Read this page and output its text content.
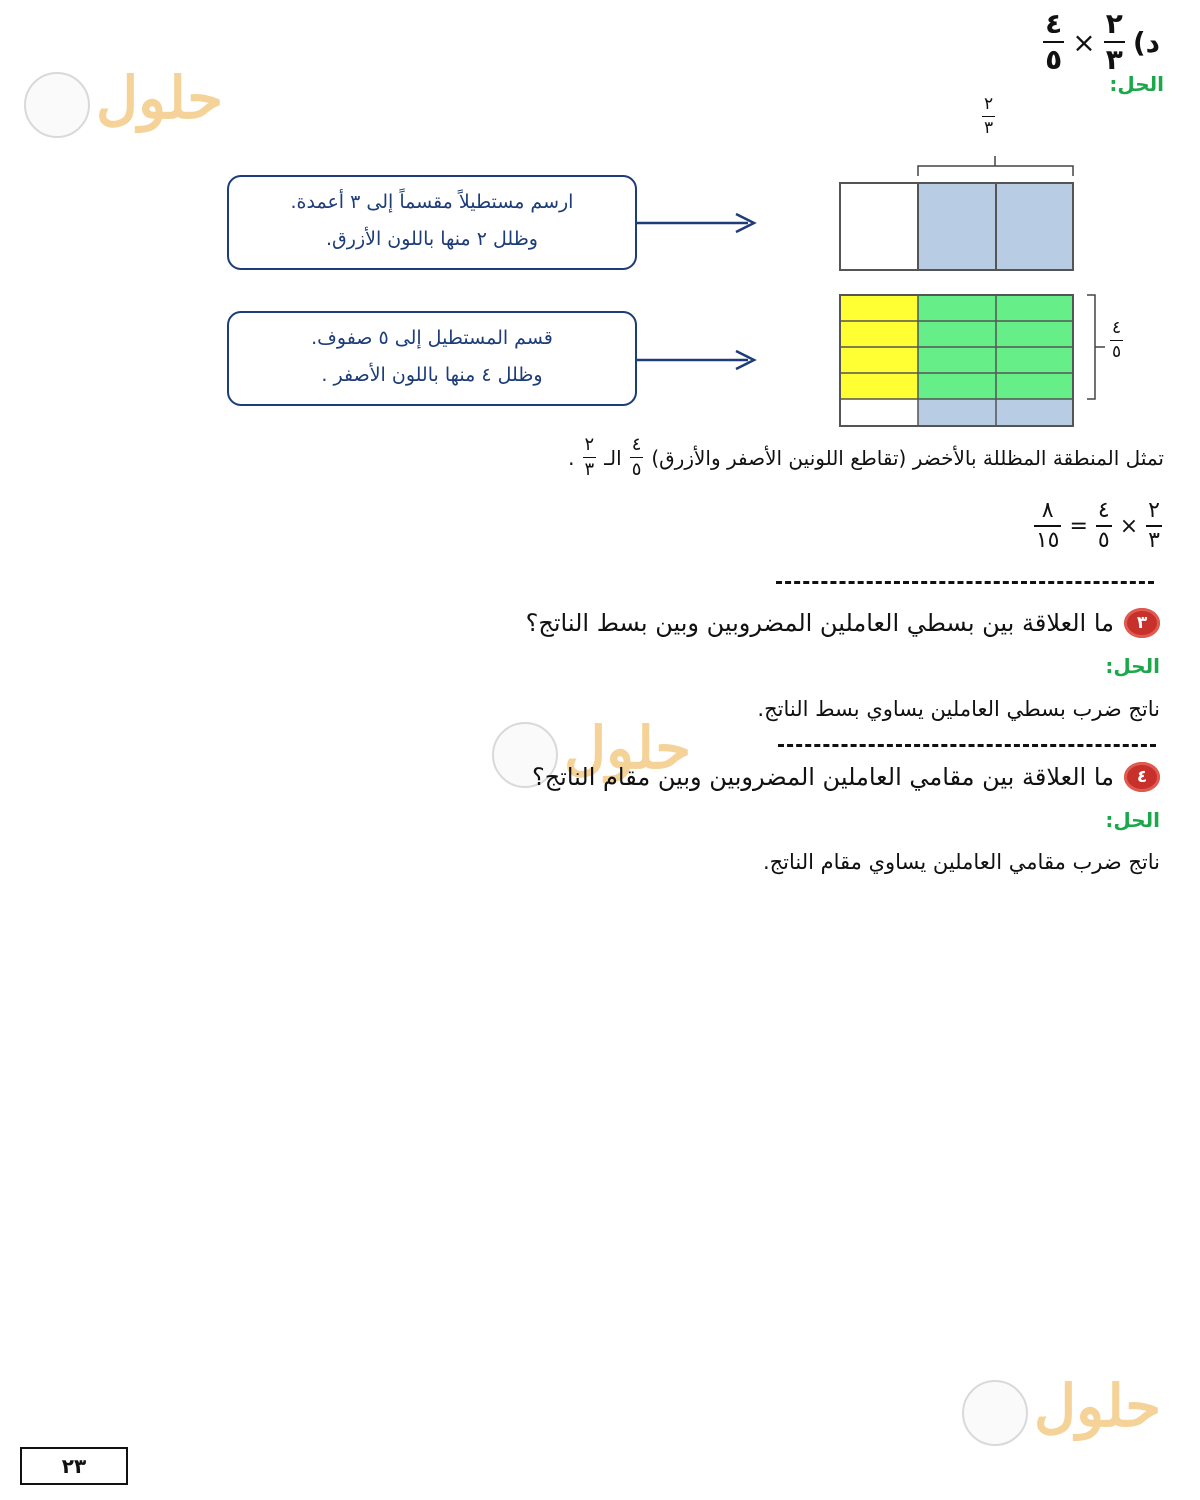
حلول
حلول
حلول
د)
$\frac{٢}{٣}$
×
$\frac{٤}{٥}$
الحل:
$\frac{٢}{٣}$
$\frac{٤}{٥}$
ارسم مستطيلاً مقسماً إلى ٣ أعمدة.
وظلل ٢ منها باللون الأزرق.
قسم المستطيل إلى ٥ صفوف.
وظلل ٤ منها باللون الأصفر .
تمثل المنطقة المظللة بالأخضر (تقاطع اللونين الأصفر والأزرق)
$\frac{٤}{٥}$
الـ
$\frac{٢}{٣}$
.
$\frac{٢}{٣}$
×
$\frac{٤}{٥}$
=
$\frac{٨}{١٥}$
٣
ما العلاقة بين بسطي العاملين المضروبين وبين بسط الناتج؟
الحل:
ناتج ضرب بسطي العاملين يساوي بسط الناتج.
٤
ما العلاقة بين مقامي العاملين المضروبين وبين مقام الناتج؟
الحل:
ناتج ضرب مقامي العاملين يساوي مقام الناتج.
٢٣
